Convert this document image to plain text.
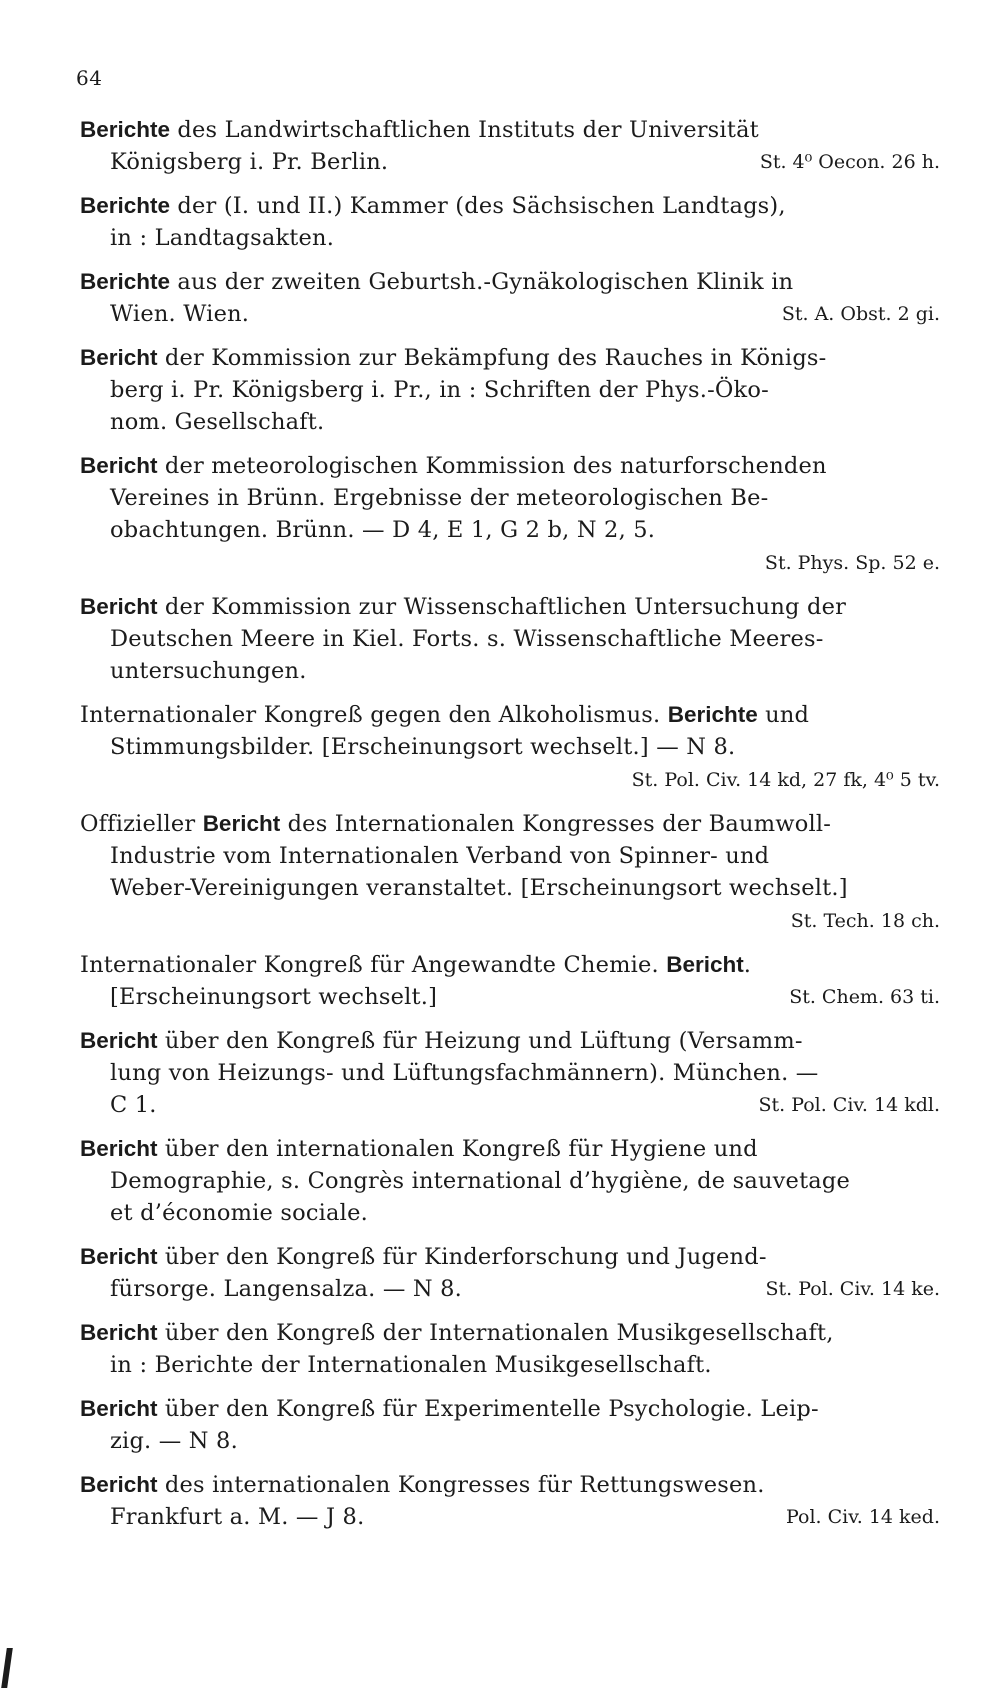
64
Berichte des Landwirtschaftlichen Instituts der Universität
Königsberg i. Pr. Berlin.	St. 4⁰ Oecon. 26 h.
Berichte der (I. und II.) Kammer (des Sächsischen Landtags),
in : Landtagsakten.
Berichte aus der zweiten Geburtsh.-Gynäkologischen Klinik in
Wien. Wien.	St. A. Obst. 2 gi.
Bericht der Kommission zur Bekämpfung des Rauches in Königs-
berg i. Pr. Königsberg i. Pr., in : Schriften der Phys.-Öko-
nom. Gesellschaft.
Bericht der meteorologischen Kommission des naturforschenden
Vereines in Brünn. Ergebnisse der meteorologischen Be-
obachtungen. Brünn. — D 4, E 1, G 2 b, N 2, 5.
St. Phys. Sp. 52 e.
Bericht der Kommission zur Wissenschaftlichen Untersuchung der
Deutschen Meere in Kiel. Forts. s. Wissenschaftliche Meeres-
untersuchungen.
Internationaler Kongreß gegen den Alkoholismus. Berichte und
Stimmungsbilder. [Erscheinungsort wechselt.] — N 8.
St. Pol. Civ. 14 kd, 27 fk, 4⁰ 5 tv.
Offizieller Bericht des Internationalen Kongresses der Baumwoll-
Industrie vom Internationalen Verband von Spinner- und
Weber-Vereinigungen veranstaltet. [Erscheinungsort wechselt.]
St. Tech. 18 ch.
Internationaler Kongreß für Angewandte Chemie. Bericht.
[Erscheinungsort wechselt.]	St. Chem. 63 ti.
Bericht über den Kongreß für Heizung und Lüftung (Versamm-
lung von Heizungs- und Lüftungsfachmännern). München. —
C 1.	St. Pol. Civ. 14 kdl.
Bericht über den internationalen Kongreß für Hygiene und
Demographie, s. Congrès international d’hygiène, de sauvetage
et d’économie sociale.
Bericht über den Kongreß für Kinderforschung und Jugend-
fürsorge. Langensalza. — N 8.	St. Pol. Civ. 14 ke.
Bericht über den Kongreß der Internationalen Musikgesellschaft,
in : Berichte der Internationalen Musikgesellschaft.
Bericht über den Kongreß für Experimentelle Psychologie. Leip-
zig. — N 8.
Bericht des internationalen Kongresses für Rettungswesen.
Frankfurt a. M. — J 8.	Pol. Civ. 14 ked.
